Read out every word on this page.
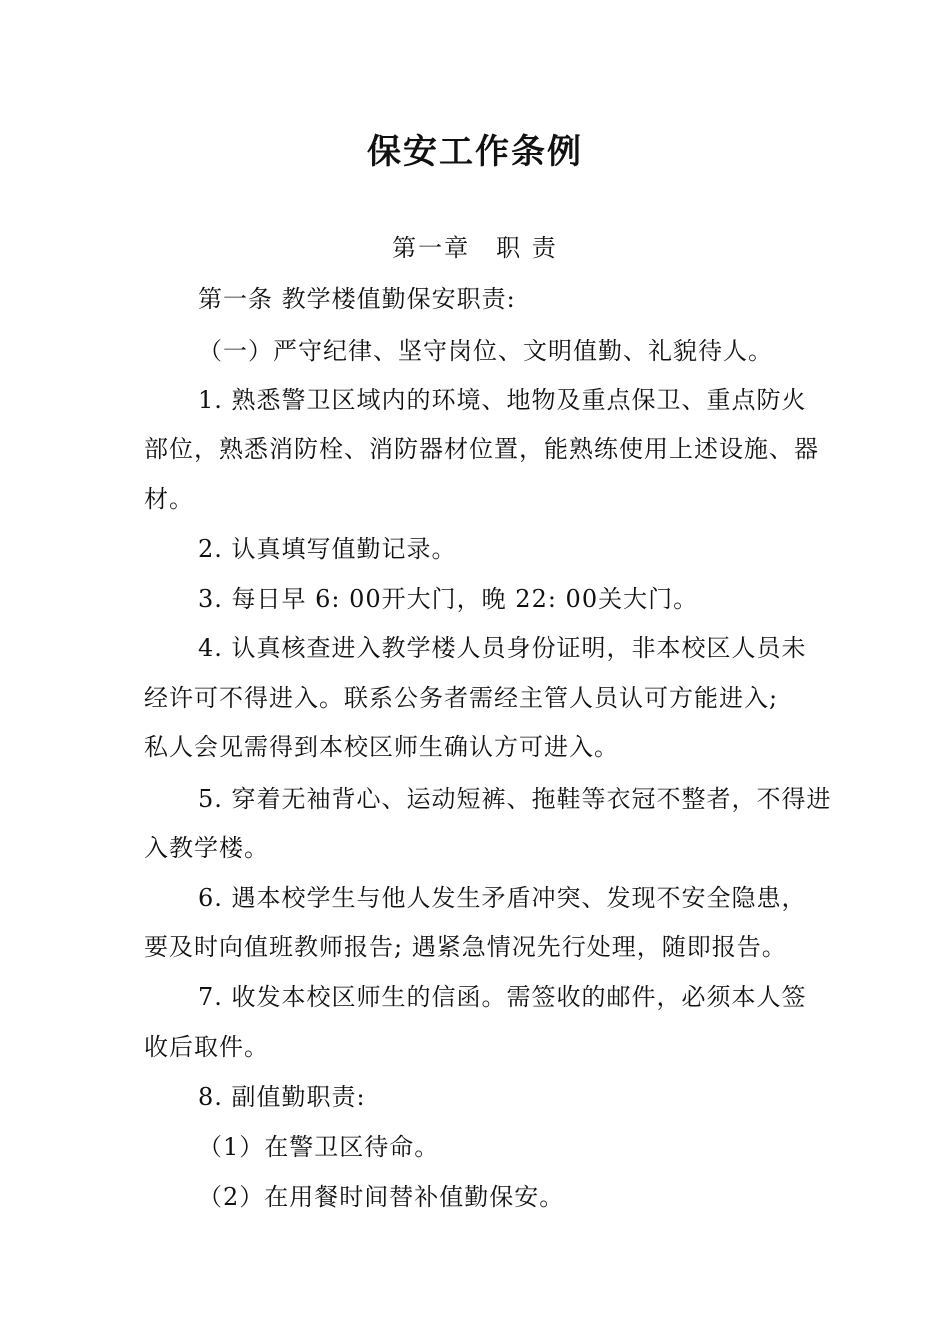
保安工作条例
第一章　职 责
第一条 教学楼值勤保安职责:
（一）严守纪律、坚守岗位、文明值勤、礼貌待人。
1. 熟悉警卫区域内的环境、地物及重点保卫、重点防火
部位，熟悉消防栓、消防器材位置，能熟练使用上述设施、器
材。
2. 认真填写值勤记录。
3. 每日早 6: 00开大门，晚 22: 00关大门。
4. 认真核查进入教学楼人员身份证明，非本校区人员未
经许可不得进入。联系公务者需经主管人员认可方能进入;
私人会见需得到本校区师生确认方可进入。
5. 穿着无袖背心、运动短裤、拖鞋等衣冠不整者，不得进
入教学楼。
6. 遇本校学生与他人发生矛盾冲突、发现不安全隐患，
要及时向值班教师报告; 遇紧急情况先行处理，随即报告。
7. 收发本校区师生的信函。需签收的邮件，必须本人签
收后取件。
8. 副值勤职责:
（1）在警卫区待命。
（2）在用餐时间替补值勤保安。
